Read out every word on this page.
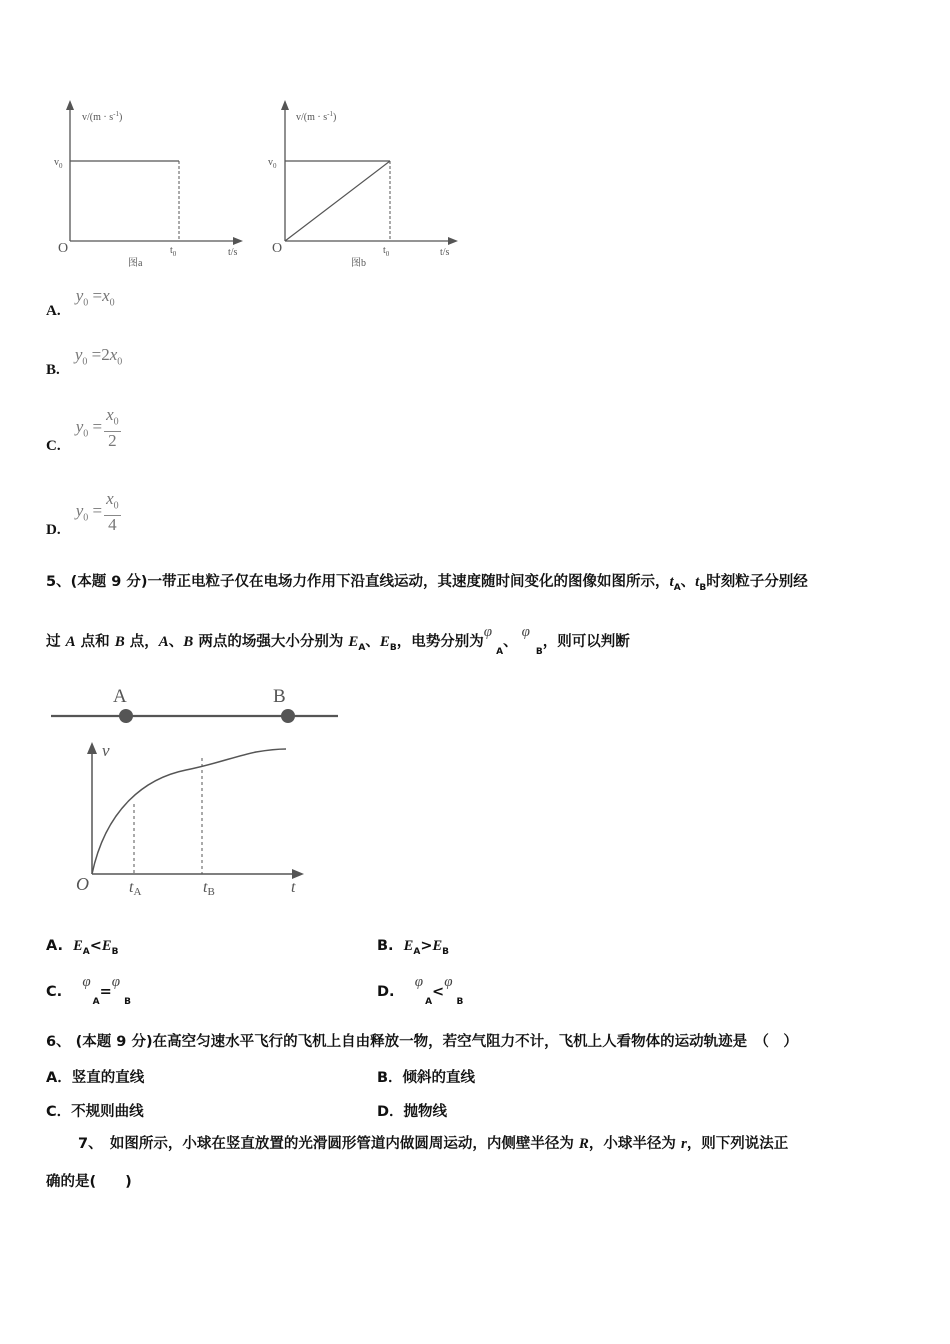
$v/(m \cdot s^{-1})$
$v_0$
O	$t_0$	t/s
图a
$v/(m \cdot s^{-1})$
$v_0$
O	$t_0$	t/s
图b
A. $y_0 =x_0$
B. $y_0 =2x_0$
C. $y_0 = \frac{x_0}{2}$
D. $y_0 = \frac{x_0}{4}$
5、(本题 9 分)一带正电粒子仅在电场力作用下沿直线运动，其速度随时间变化的图像如图所示，$t_A$、$t_B$时刻粒子分别经
过 A 点和 B 点，A、B 两点的场强大小分别为 $E_A$、$E_B$，电势分别为$\varphi_A$、$\varphi_B$，则可以判断
A	B
v
O	tA	tB	t
A. $E_A<E_B$	B. $E_A>E_B$
C.    $\varphi_A=\varphi_B$
D.    $\varphi_A<\varphi_B$
6、 (本题 9 分)在高空匀速水平飞行的飞机上自由释放一物，若空气阻力不计，飞机上人看物体的运动轨迹是　（　）
A．竖直的直线	B．倾斜的直线
C．不规则曲线	D．抛物线
7、　如图所示，小球在竖直放置的光滑圆形管道内做圆周运动，内侧壁半径为 R，小球半径为 r，则下列说法正
确的是(　　)
